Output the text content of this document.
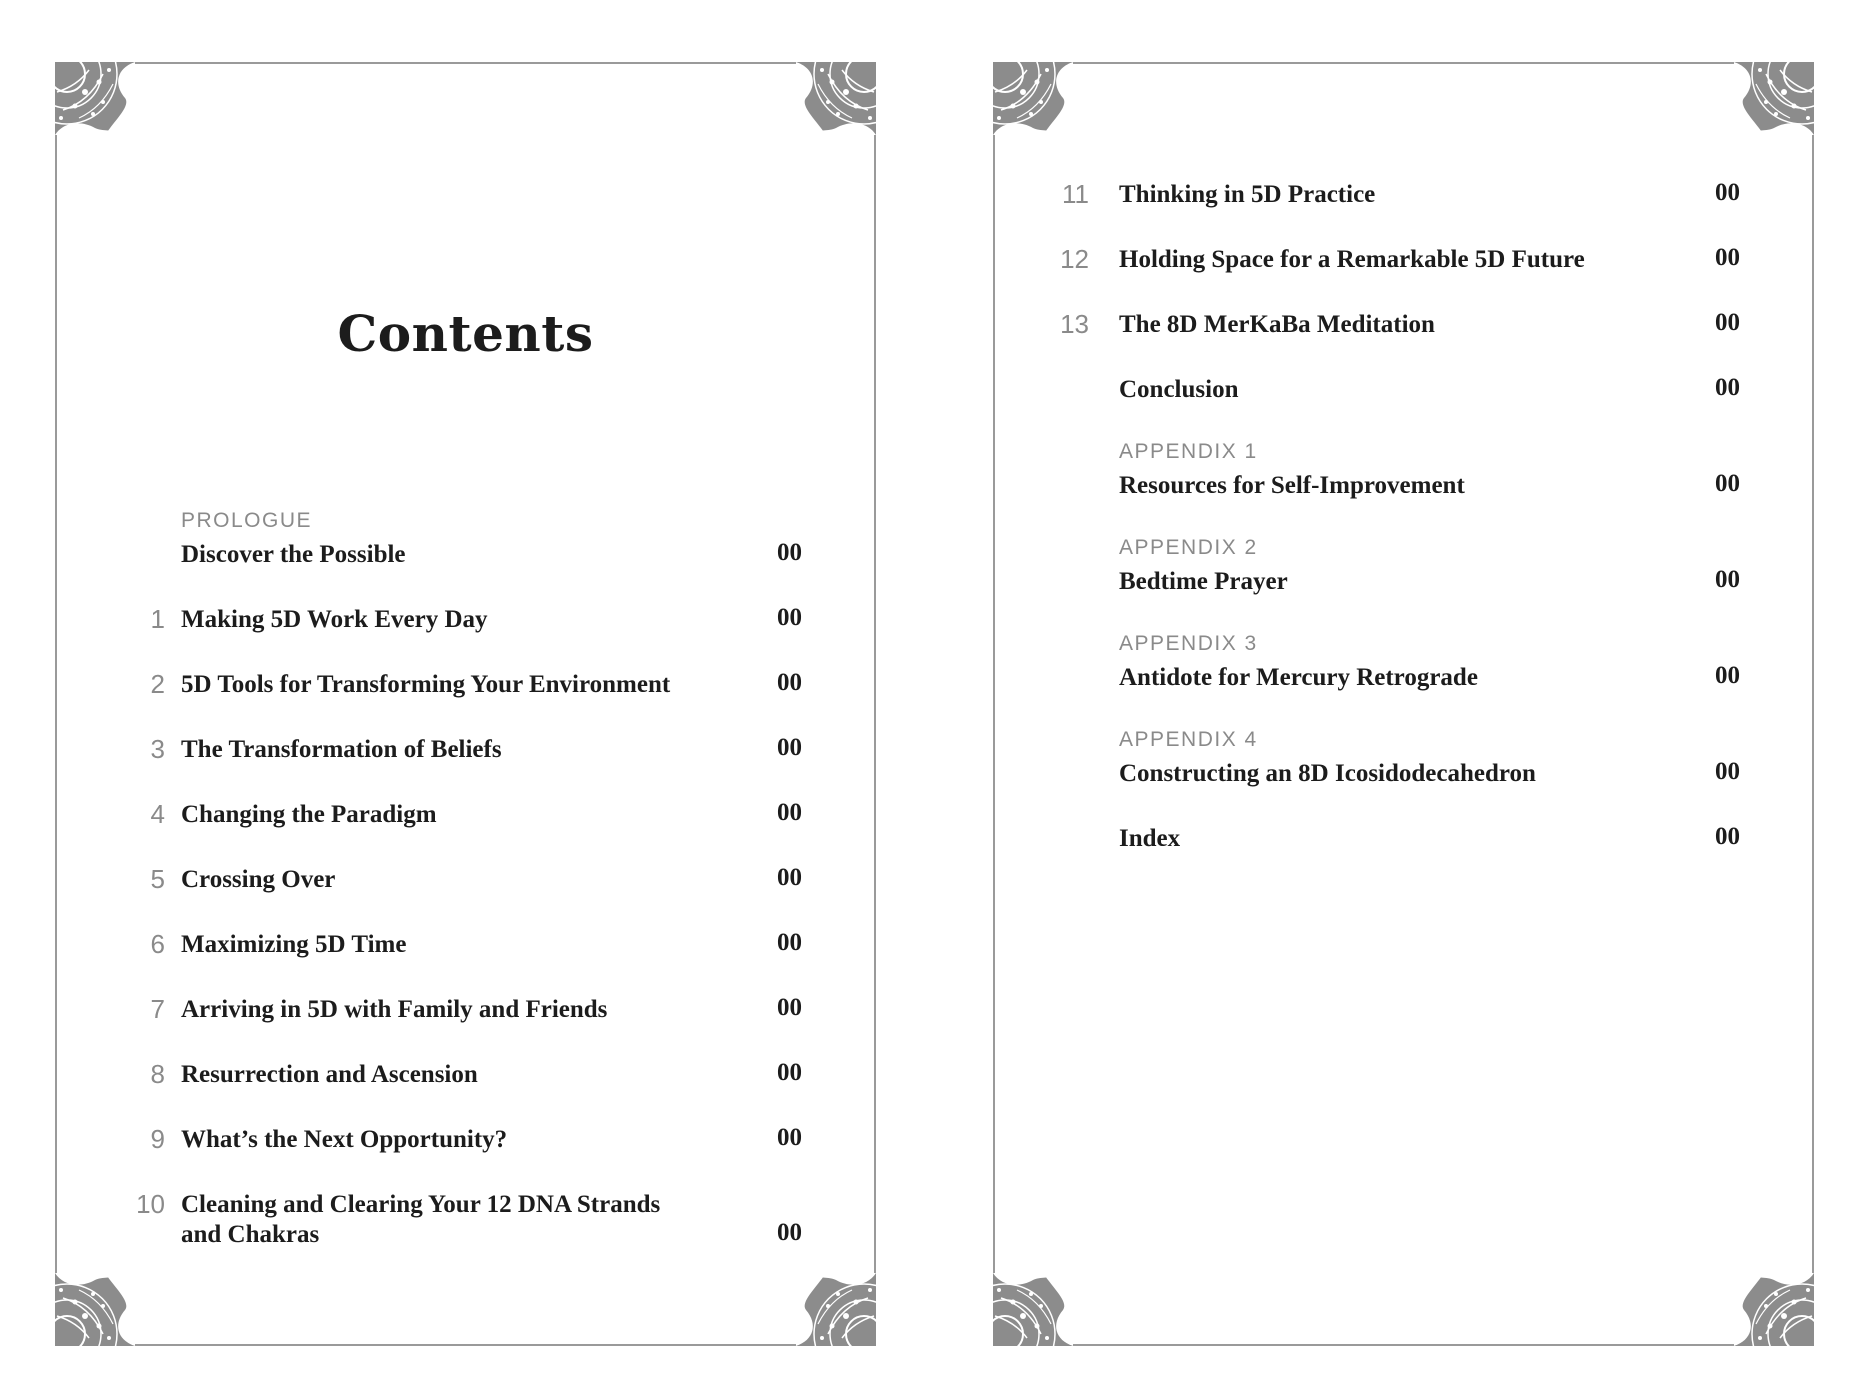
Contents
PROLOGUE
Discover the Possible	00
1 Making 5D Work Every Day	00
2 5D Tools for Transforming Your Environment	00
3 The Transformation of Beliefs	00
4 Changing the Paradigm	00
5 Crossing Over	00
6 Maximizing 5D Time	00
7 Arriving in 5D with Family and Friends	00
8 Resurrection and Ascension	00
9 What’s the Next Opportunity?	00
10 Cleaning and Clearing Your 12 DNA Strands
and Chakras	00
11 Thinking in 5D Practice	00
12 Holding Space for a Remarkable 5D Future	00
13 The 8D MerKaBa Meditation	00
Conclusion	00
APPENDIX 1
Resources for Self-Improvement	00
APPENDIX 2
Bedtime Prayer	00
APPENDIX 3
Antidote for Mercury Retrograde	00
APPENDIX 4
Constructing an 8D Icosidodecahedron	00
Index	00
